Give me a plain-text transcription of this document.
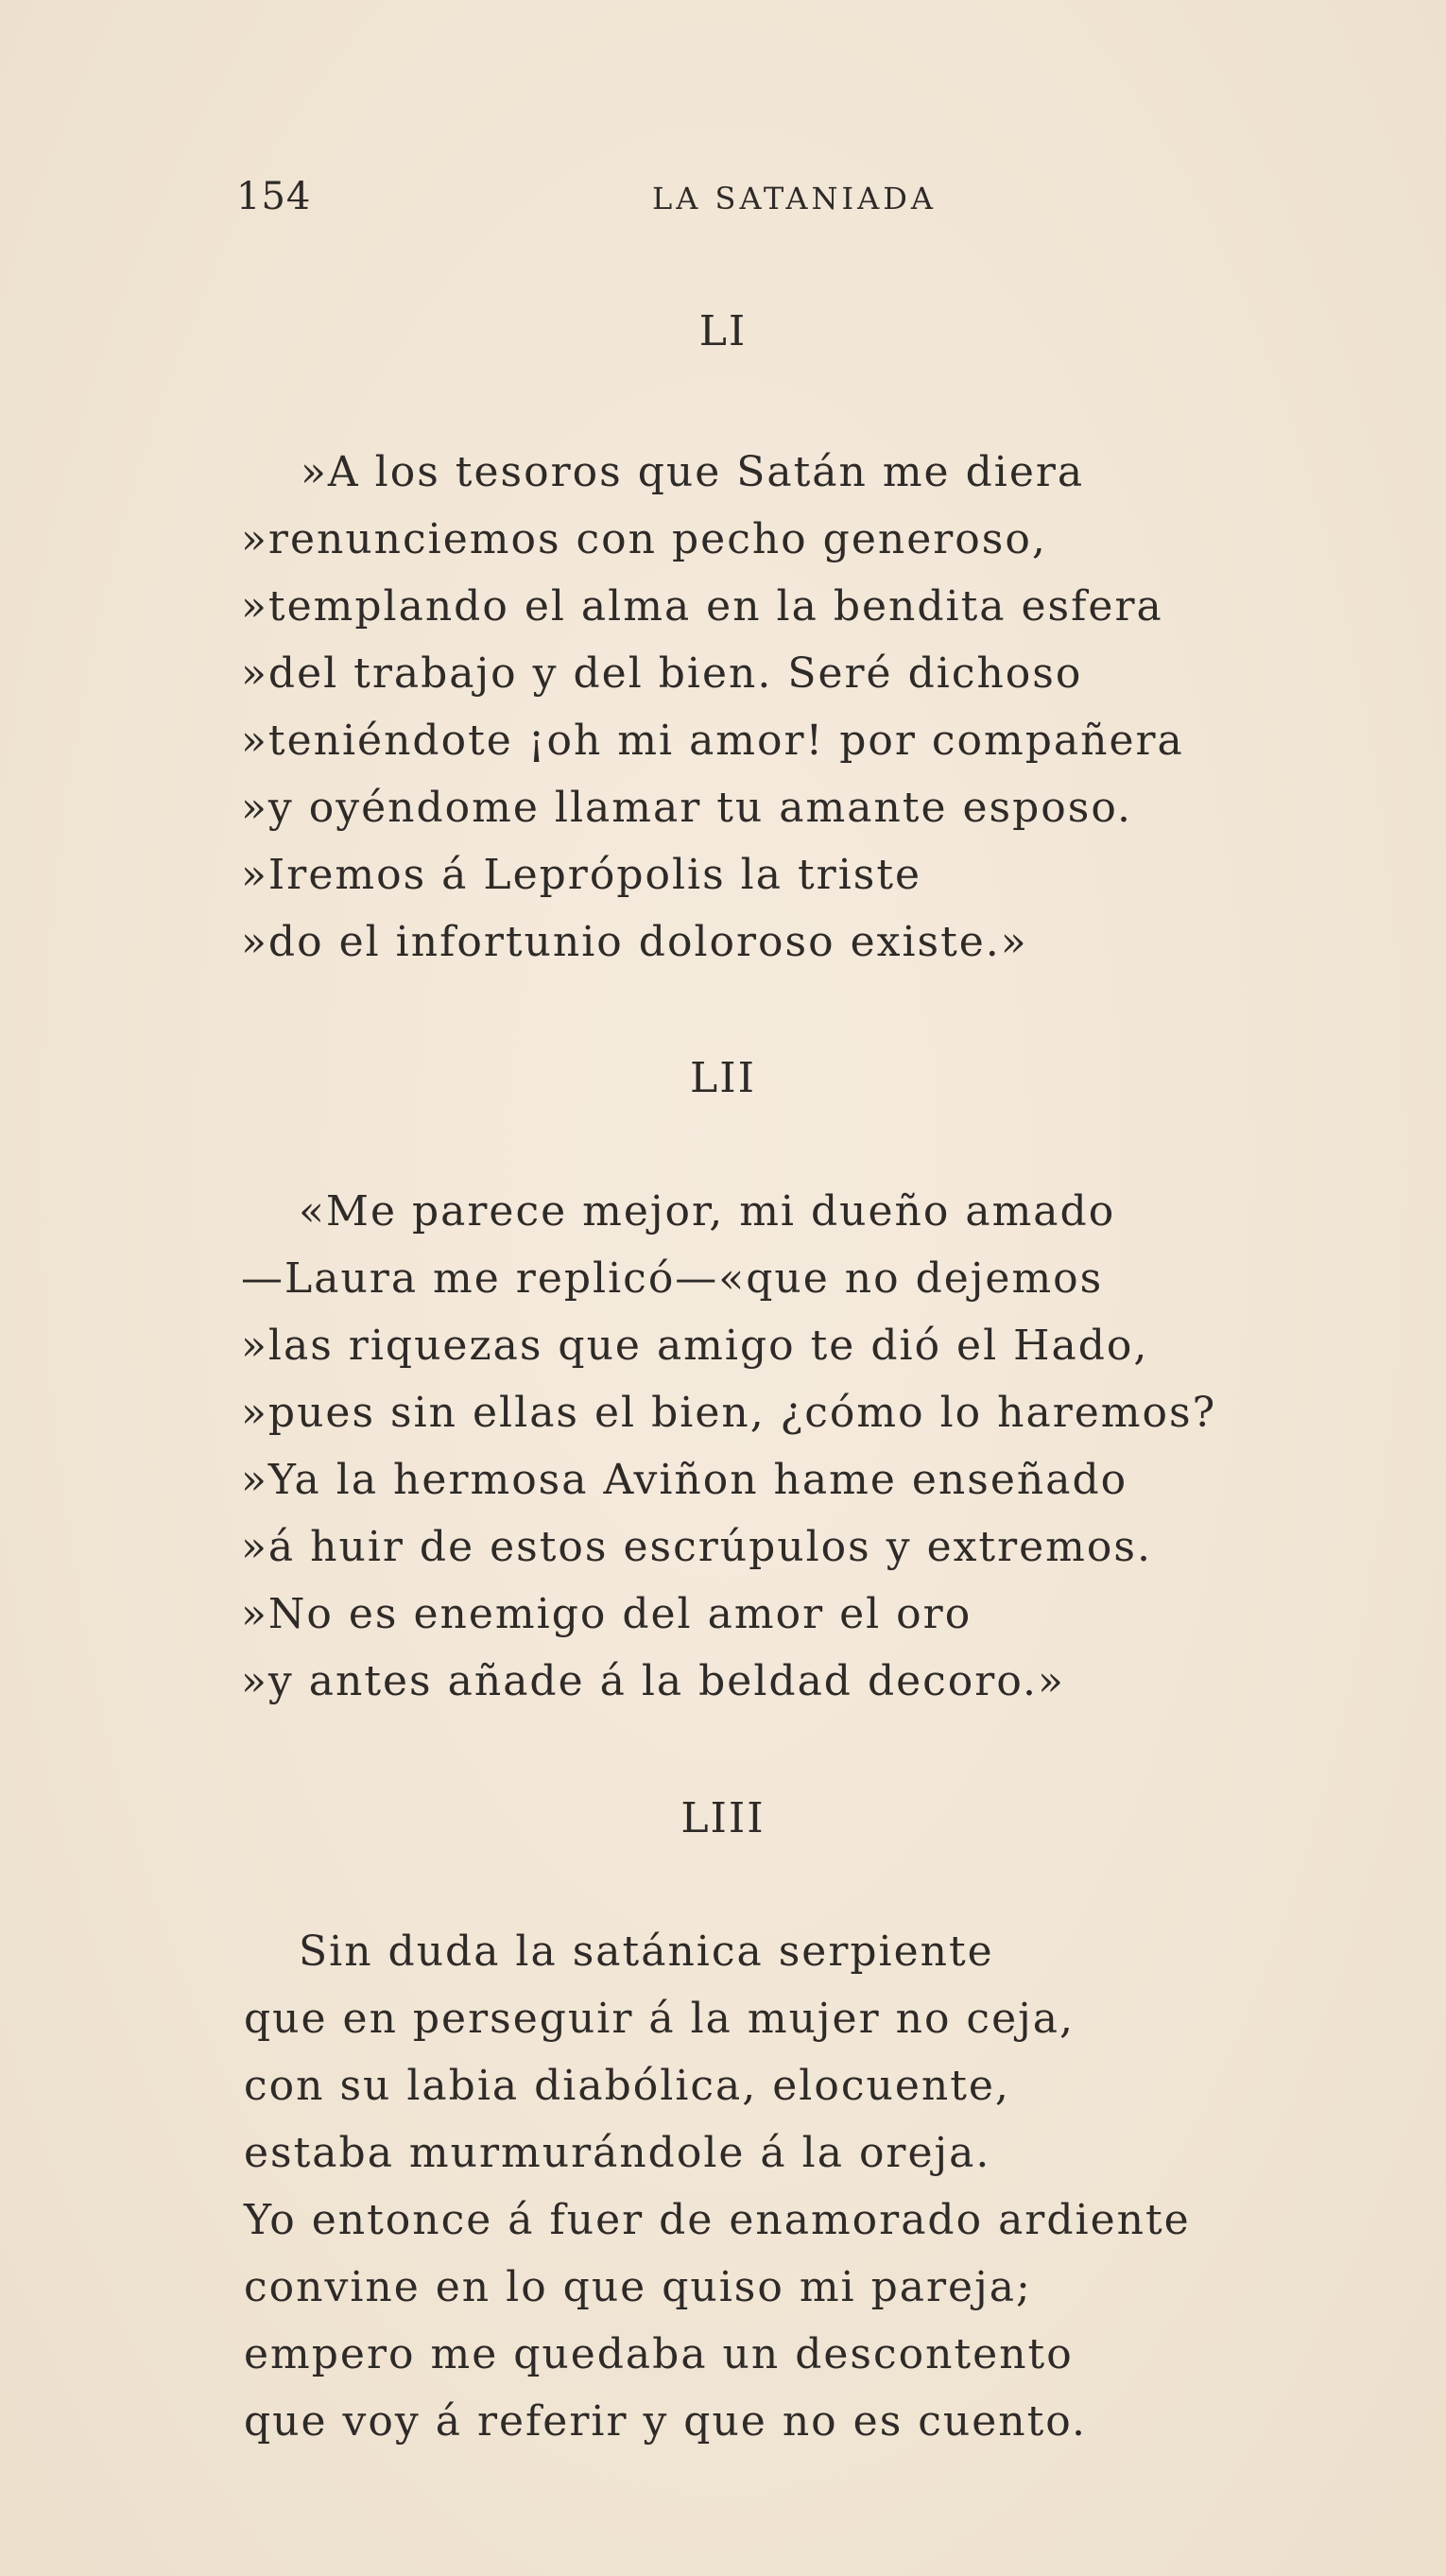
154	LA SATANIADA
LI
»A los tesoros que Satán me diera
»renunciemos con pecho generoso,
»templando el alma en la bendita esfera
»del trabajo y del bien. Seré dichoso
»teniéndote ¡oh mi amor! por compañera
»y oyéndome llamar tu amante esposo.
»Iremos á Leprópolis la triste
»do el infortunio doloroso existe.»
LII
«Me parece mejor, mi dueño amado
—Laura me replicó—«que no dejemos
»las riquezas que amigo te dió el Hado,
»pues sin ellas el bien, ¿cómo lo haremos?
»Ya la hermosa Aviñon hame enseñado
»á huir de estos escrúpulos y extremos.
»No es enemigo del amor el oro
»y antes añade á la beldad decoro.»
LIII
Sin duda la satánica serpiente
que en perseguir á la mujer no ceja,
con su labia diabólica, elocuente,
estaba murmurándole á la oreja.
Yo entonce á fuer de enamorado ardiente
convine en lo que quiso mi pareja;
empero me quedaba un descontento
que voy á referir y que no es cuento.
